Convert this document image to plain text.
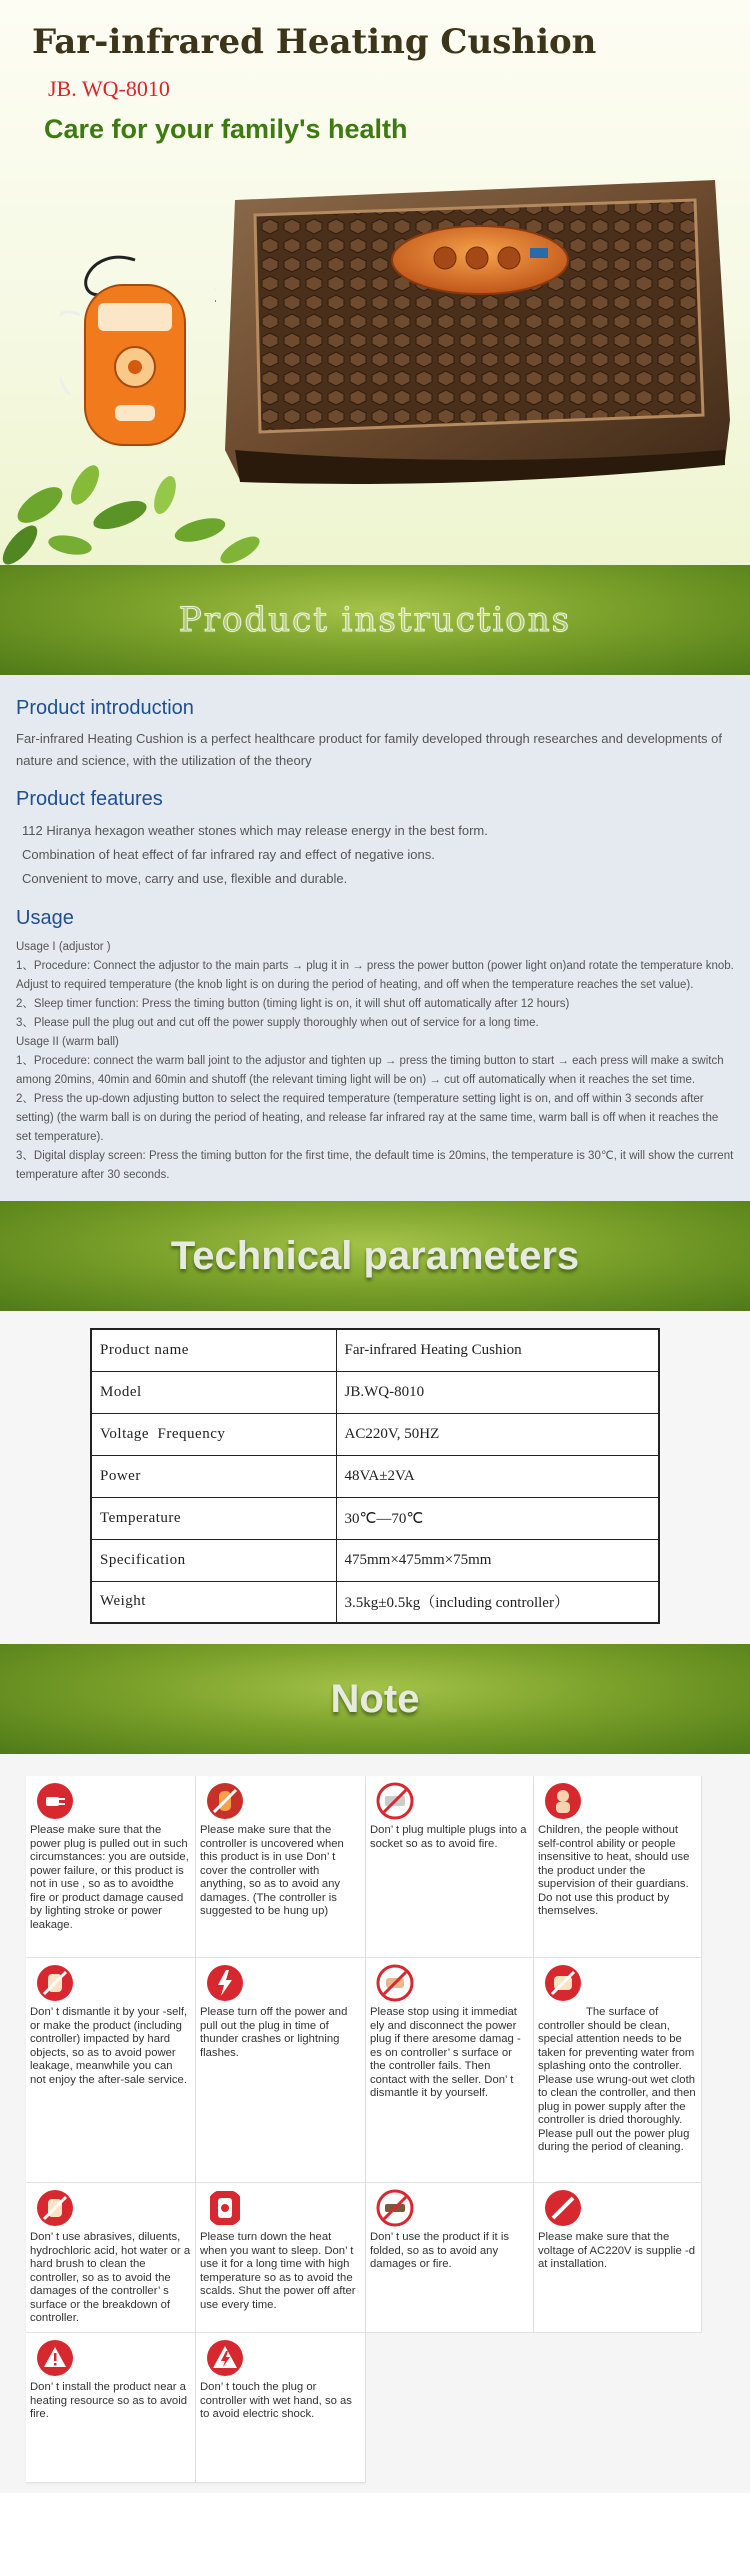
Far-infrared Heating Cushion
JB. WQ-8010
Care for your family's health
Product instructions
Product introduction

Far-infrared Heating Cushion is a perfect healthcare product for family developed through researches and developments of nature and science, with the utilization of the theory

Product features
112 Hiranya hexagon weather stones which may release energy in the best form.
Combination of heat effect of far infrared ray and effect of negative ions.
Convenient to move, carry and use, flexible and durable.
Usage
Usage I (adjustor )
1、Procedure: Connect the adjustor to the main parts → plug it in → press the power button (power light on)and rotate the temperature knob.
Adjust to required temperature (the knob light is on during the period of heating, and off when the temperature reaches the set value).
2、Sleep timer function: Press the timing button (timing light is on, it will shut off automatically after 12 hours)
3、Please pull the plug out and cut off the power supply thoroughly when out of service for a long time.
Usage II (warm ball)
1、Procedure: connect the warm ball joint to the adjustor and tighten up → press the timing button to start → each press will make a switch among 20mins, 40min and 60min and shutoff (the relevant timing light will be on) → cut off automatically when it reaches the set time.
2、Press the up-down adjusting button to select the required temperature (temperature setting light is on, and off within 3 seconds after setting) (the warm ball is on during the period of heating, and release far infrared ray at the same time, warm ball is off when it reaches the set temperature).
3、Digital display screen: Press the timing button for the first time, the default time is 20mins, the temperature is 30℃, it will show the current temperature after 30 seconds.
Technical parameters
Product name	Far-infrared Heating Cushion
Model	JB.WQ-8010
Voltage  Frequency	AC220V, 50HZ
Power	48VA±2VA
Temperature	30℃—70℃
Specification	475mm×475mm×75mm
Weight	3.5kg±0.5kg（including controller）
Note
Please make sure that the power plug is pulled out in such circumstances: you are outside, power failure, or this product is not in use , so as to avoidthe fire or product damage caused by lighting stroke or power leakage.
Please make sure that the controller is uncovered when this product is in use Don’ t cover the controller with anything, so as to avoid any damages. (The controller is suggested to be hung up)
Don’ t plug multiple plugs into a socket so as to avoid fire.
Children, the people without self-control ability or people insensitive to heat, should use the product under the supervision of their guardians. Do not use this product by themselves.
Don’ t dismantle it by your -self, or make the product (including controller) impacted by hard objects, so as to avoid power leakage, meanwhile you can not enjoy the after-sale service.
Please turn off the power and pull out the plug in time of thunder crashes or lightning flashes.
Please stop using it immediat ely and disconnect the power plug if there aresome damag -es on controller’ s surface or the controller fails. Then contact with the seller. Don’ t dismantle it by yourself.
The surface of controller should be clean, special attention needs to be taken for preventing water from splashing onto the controller. Please use wrung-out wet cloth to clean the controller, and then plug in power supply after the controller is dried thoroughly. Please pull out the power plug during the period of cleaning.
Don’ t use abrasives, diluents, hydrochloric acid, hot water or a hard brush to clean the controller, so as to avoid the damages of the controller’ s surface or the breakdown of controller.
Please turn down the heat when you want to sleep. Don’ t use it for a long time with high temperature so as to avoid the scalds. Shut the power off after use every time.
Don’ t use the product if it is folded, so as to avoid any damages or fire.
Please make sure that the voltage of AC220V is supplie -d at installation.
Don’ t install the product near a heating resource so as to avoid fire.
Don’ t touch the plug or controller with wet hand, so as to avoid electric shock.
